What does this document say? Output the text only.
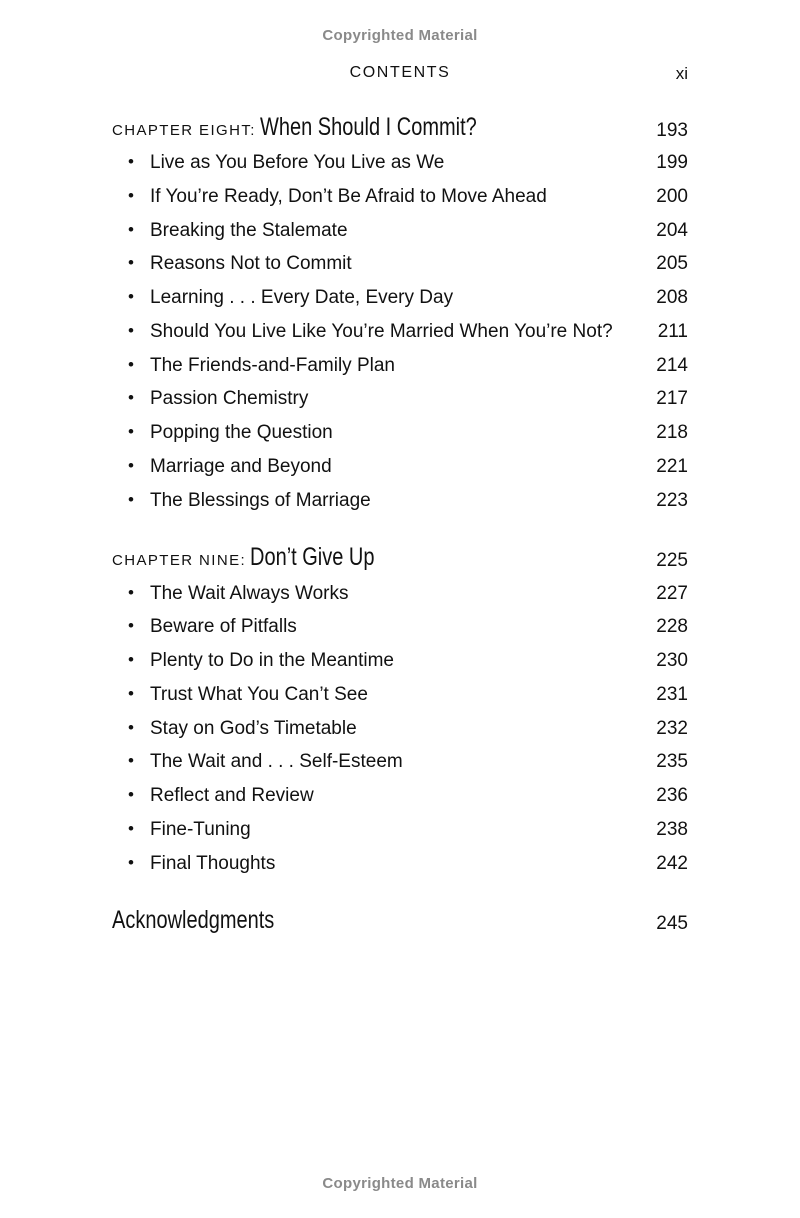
Copyrighted Material
CONTENTS	xi
CHAPTER EIGHT: When Should I Commit?	193
• Live as You Before You Live as We	199
• If You’re Ready, Don’t Be Afraid to Move Ahead	200
• Breaking the Stalemate	204
• Reasons Not to Commit	205
• Learning . . . Every Date, Every Day	208
• Should You Live Like You’re Married When You’re Not? 211
• The Friends-and-Family Plan	214
• Passion Chemistry	217
• Popping the Question	218
• Marriage and Beyond	221
• The Blessings of Marriage	223
CHAPTER NINE: Don’t Give Up	225
• The Wait Always Works	227
• Beware of Pitfalls	228
• Plenty to Do in the Meantime	230
• Trust What You Can’t See	231
• Stay on God’s Timetable	232
• The Wait and . . . Self-Esteem	235
• Reflect and Review	236
• Fine-Tuning	238
• Final Thoughts	242
Acknowledgments	245
Copyrighted Material
